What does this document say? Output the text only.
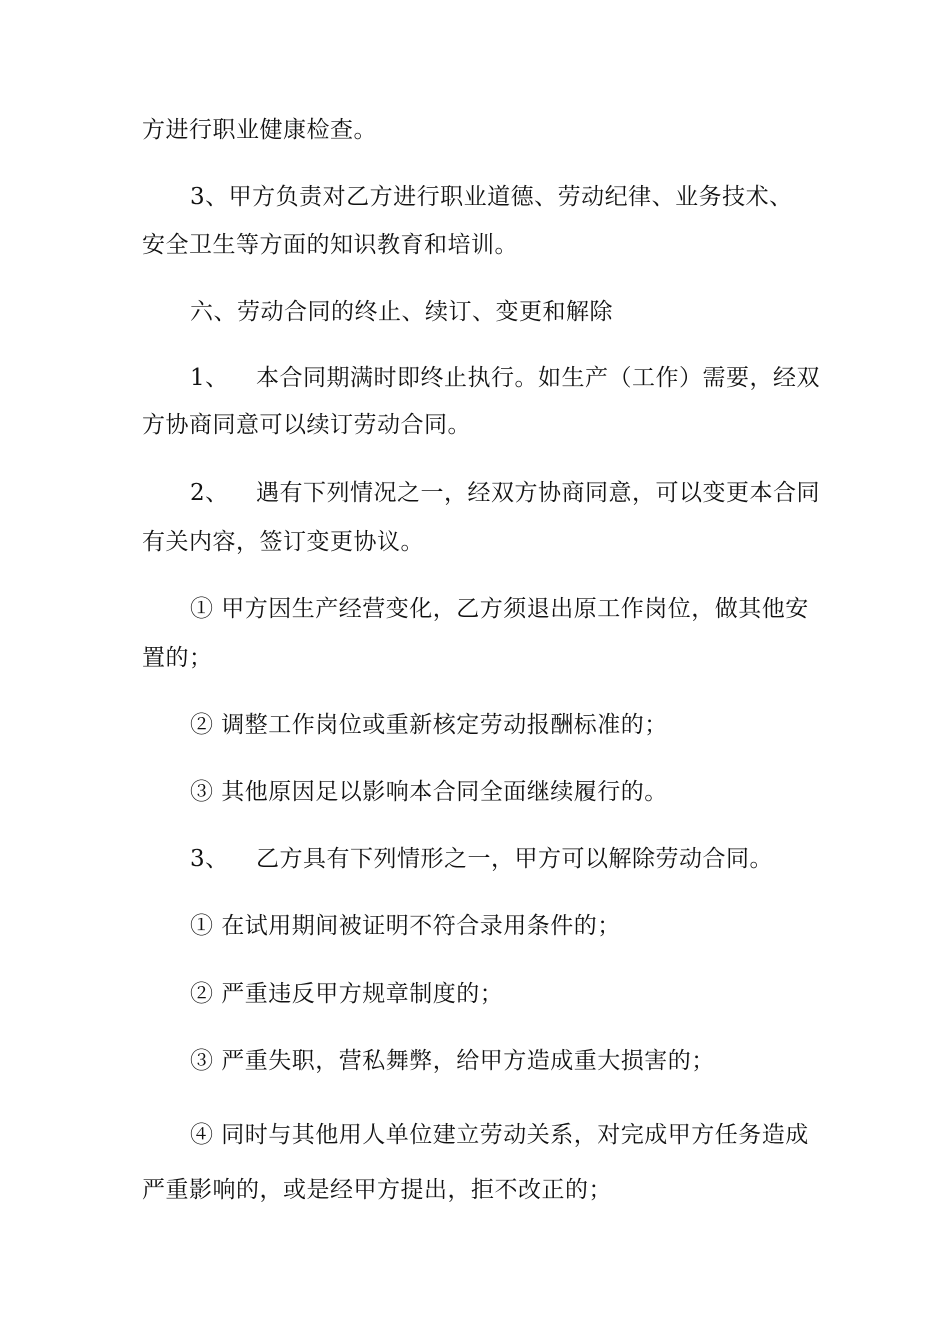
方进行职业健康检查。
3、甲方负责对乙方进行职业道德、劳动纪律、业务技术、
安全卫生等方面的知识教育和培训。
六、劳动合同的终止、续订、变更和解除
1、 本合同期满时即终止执行。如生产（工作）需要，经双
方协商同意可以续订劳动合同。
2、 遇有下列情况之一，经双方协商同意，可以变更本合同
有关内容，签订变更协议。
① 甲方因生产经营变化，乙方须退出原工作岗位，做其他安
置的；
② 调整工作岗位或重新核定劳动报酬标准的；
③ 其他原因足以影响本合同全面继续履行的。
3、 乙方具有下列情形之一，甲方可以解除劳动合同。
① 在试用期间被证明不符合录用条件的；
② 严重违反甲方规章制度的；
③ 严重失职，营私舞弊，给甲方造成重大损害的；
④ 同时与其他用人单位建立劳动关系，对完成甲方任务造成
严重影响的，或是经甲方提出，拒不改正的；
